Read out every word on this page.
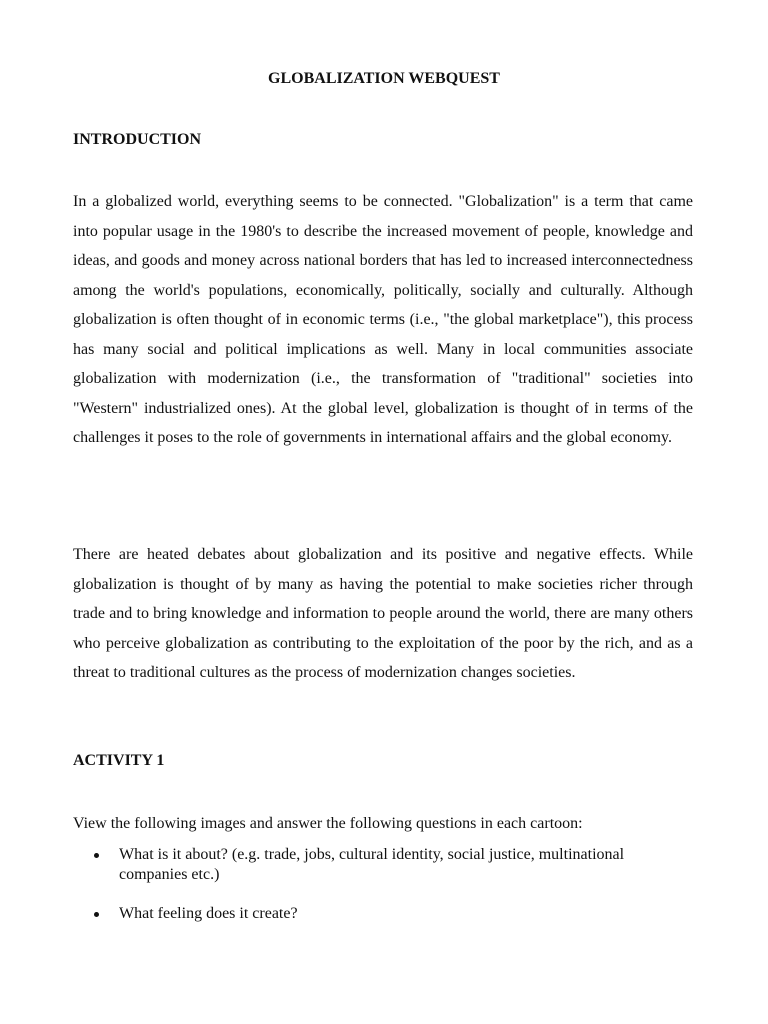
GLOBALIZATION WEBQUEST
INTRODUCTION

In a globalized world, everything seems to be connected. "Globalization" is a term that came into popular usage in the 1980's to describe the increased movement of people, knowledge and ideas, and goods and money across national borders that has led to increased interconnectedness among the world's populations, economically, politically, socially and culturally. Although globalization is often thought of in economic terms (i.e., "the global marketplace"), this process has many social and political implications as well. Many in local communities associate globalization with modernization (i.e., the transformation of "traditional" societies into "Western" industrialized ones). At the global level, globalization is thought of in terms of the challenges it poses to the role of governments in international affairs and the global economy.

There are heated debates about globalization and its positive and negative effects. While globalization is thought of by many as having the potential to make societies richer through trade and to bring knowledge and information to people around the world, there are many others who perceive globalization as contributing to the exploitation of the poor by the rich, and as a threat to traditional cultures as the process of modernization changes societies.

ACTIVITY 1

View the following images and answer the following questions in each cartoon:

What is it about? (e.g. trade, jobs, cultural identity, social justice, multinational companies etc.)
What feeling does it create?
